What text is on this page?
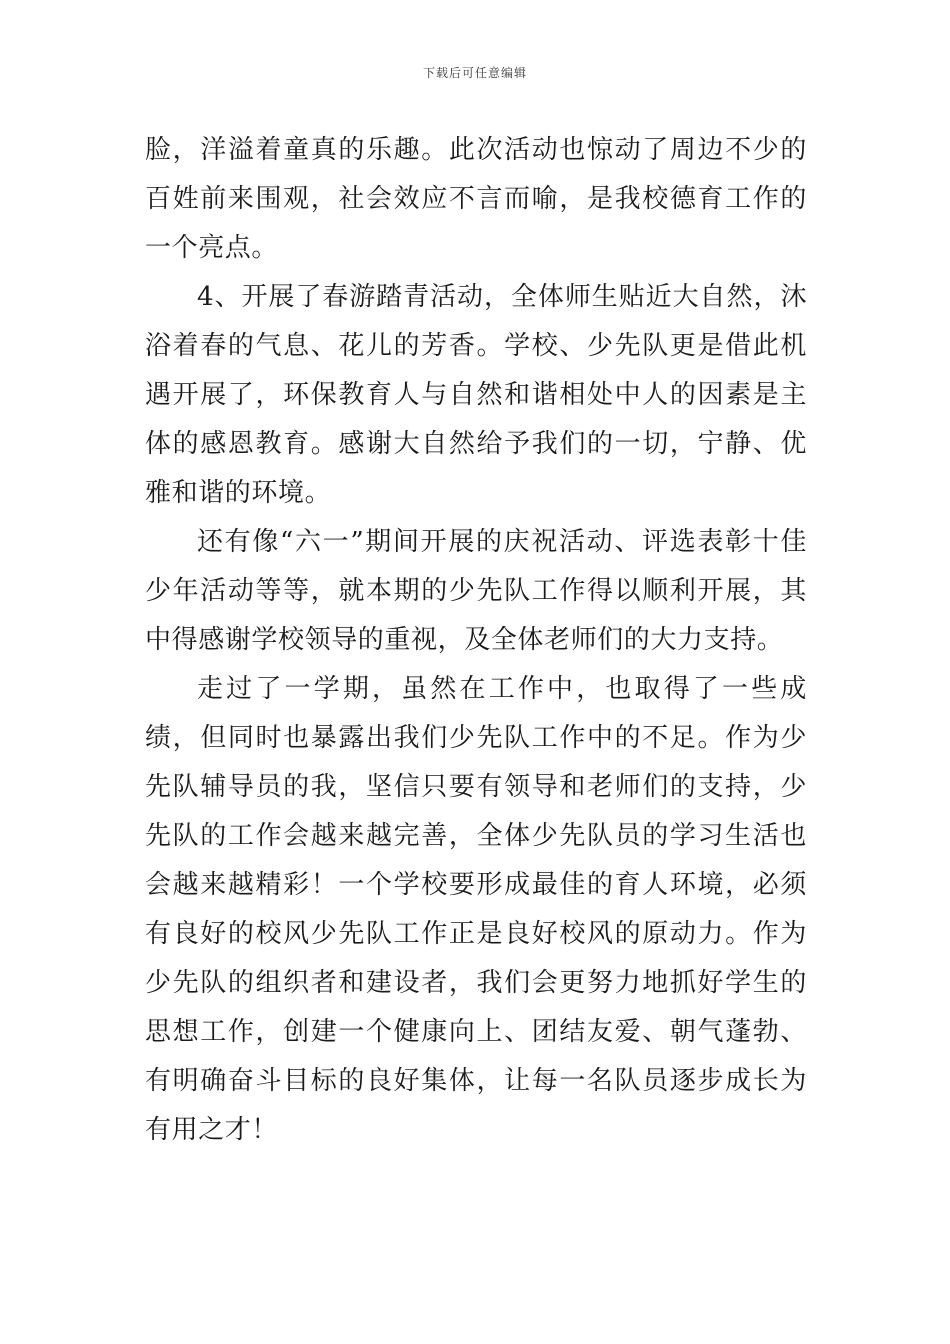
下载后可任意编辑

脸，洋溢着童真的乐趣。此次活动也惊动了周边不少的百姓前来围观，社会效应不言而喻，是我校德育工作的一个亮点。

4、开展了春游踏青活动，全体师生贴近大自然，沐浴着春的气息、花儿的芳香。学校、少先队更是借此机遇开展了，环保教育人与自然和谐相处中人的因素是主体的感恩教育。感谢大自然给予我们的一切，宁静、优雅和谐的环境。

还有像“六一”期间开展的庆祝活动、评选表彰十佳少年活动等等，就本期的少先队工作得以顺利开展，其中得感谢学校领导的重视，及全体老师们的大力支持。

走过了一学期，虽然在工作中，也取得了一些成绩，但同时也暴露出我们少先队工作中的不足。作为少先队辅导员的我，坚信只要有领导和老师们的支持，少先队的工作会越来越完善，全体少先队员的学习生活也会越来越精彩！一个学校要形成最佳的育人环境，必须有良好的校风少先队工作正是良好校风的原动力。作为少先队的组织者和建设者，我们会更努力地抓好学生的思想工作，创建一个健康向上、团结友爱、朝气蓬勃、有明确奋斗目标的良好集体，让每一名队员逐步成长为有用之才！
